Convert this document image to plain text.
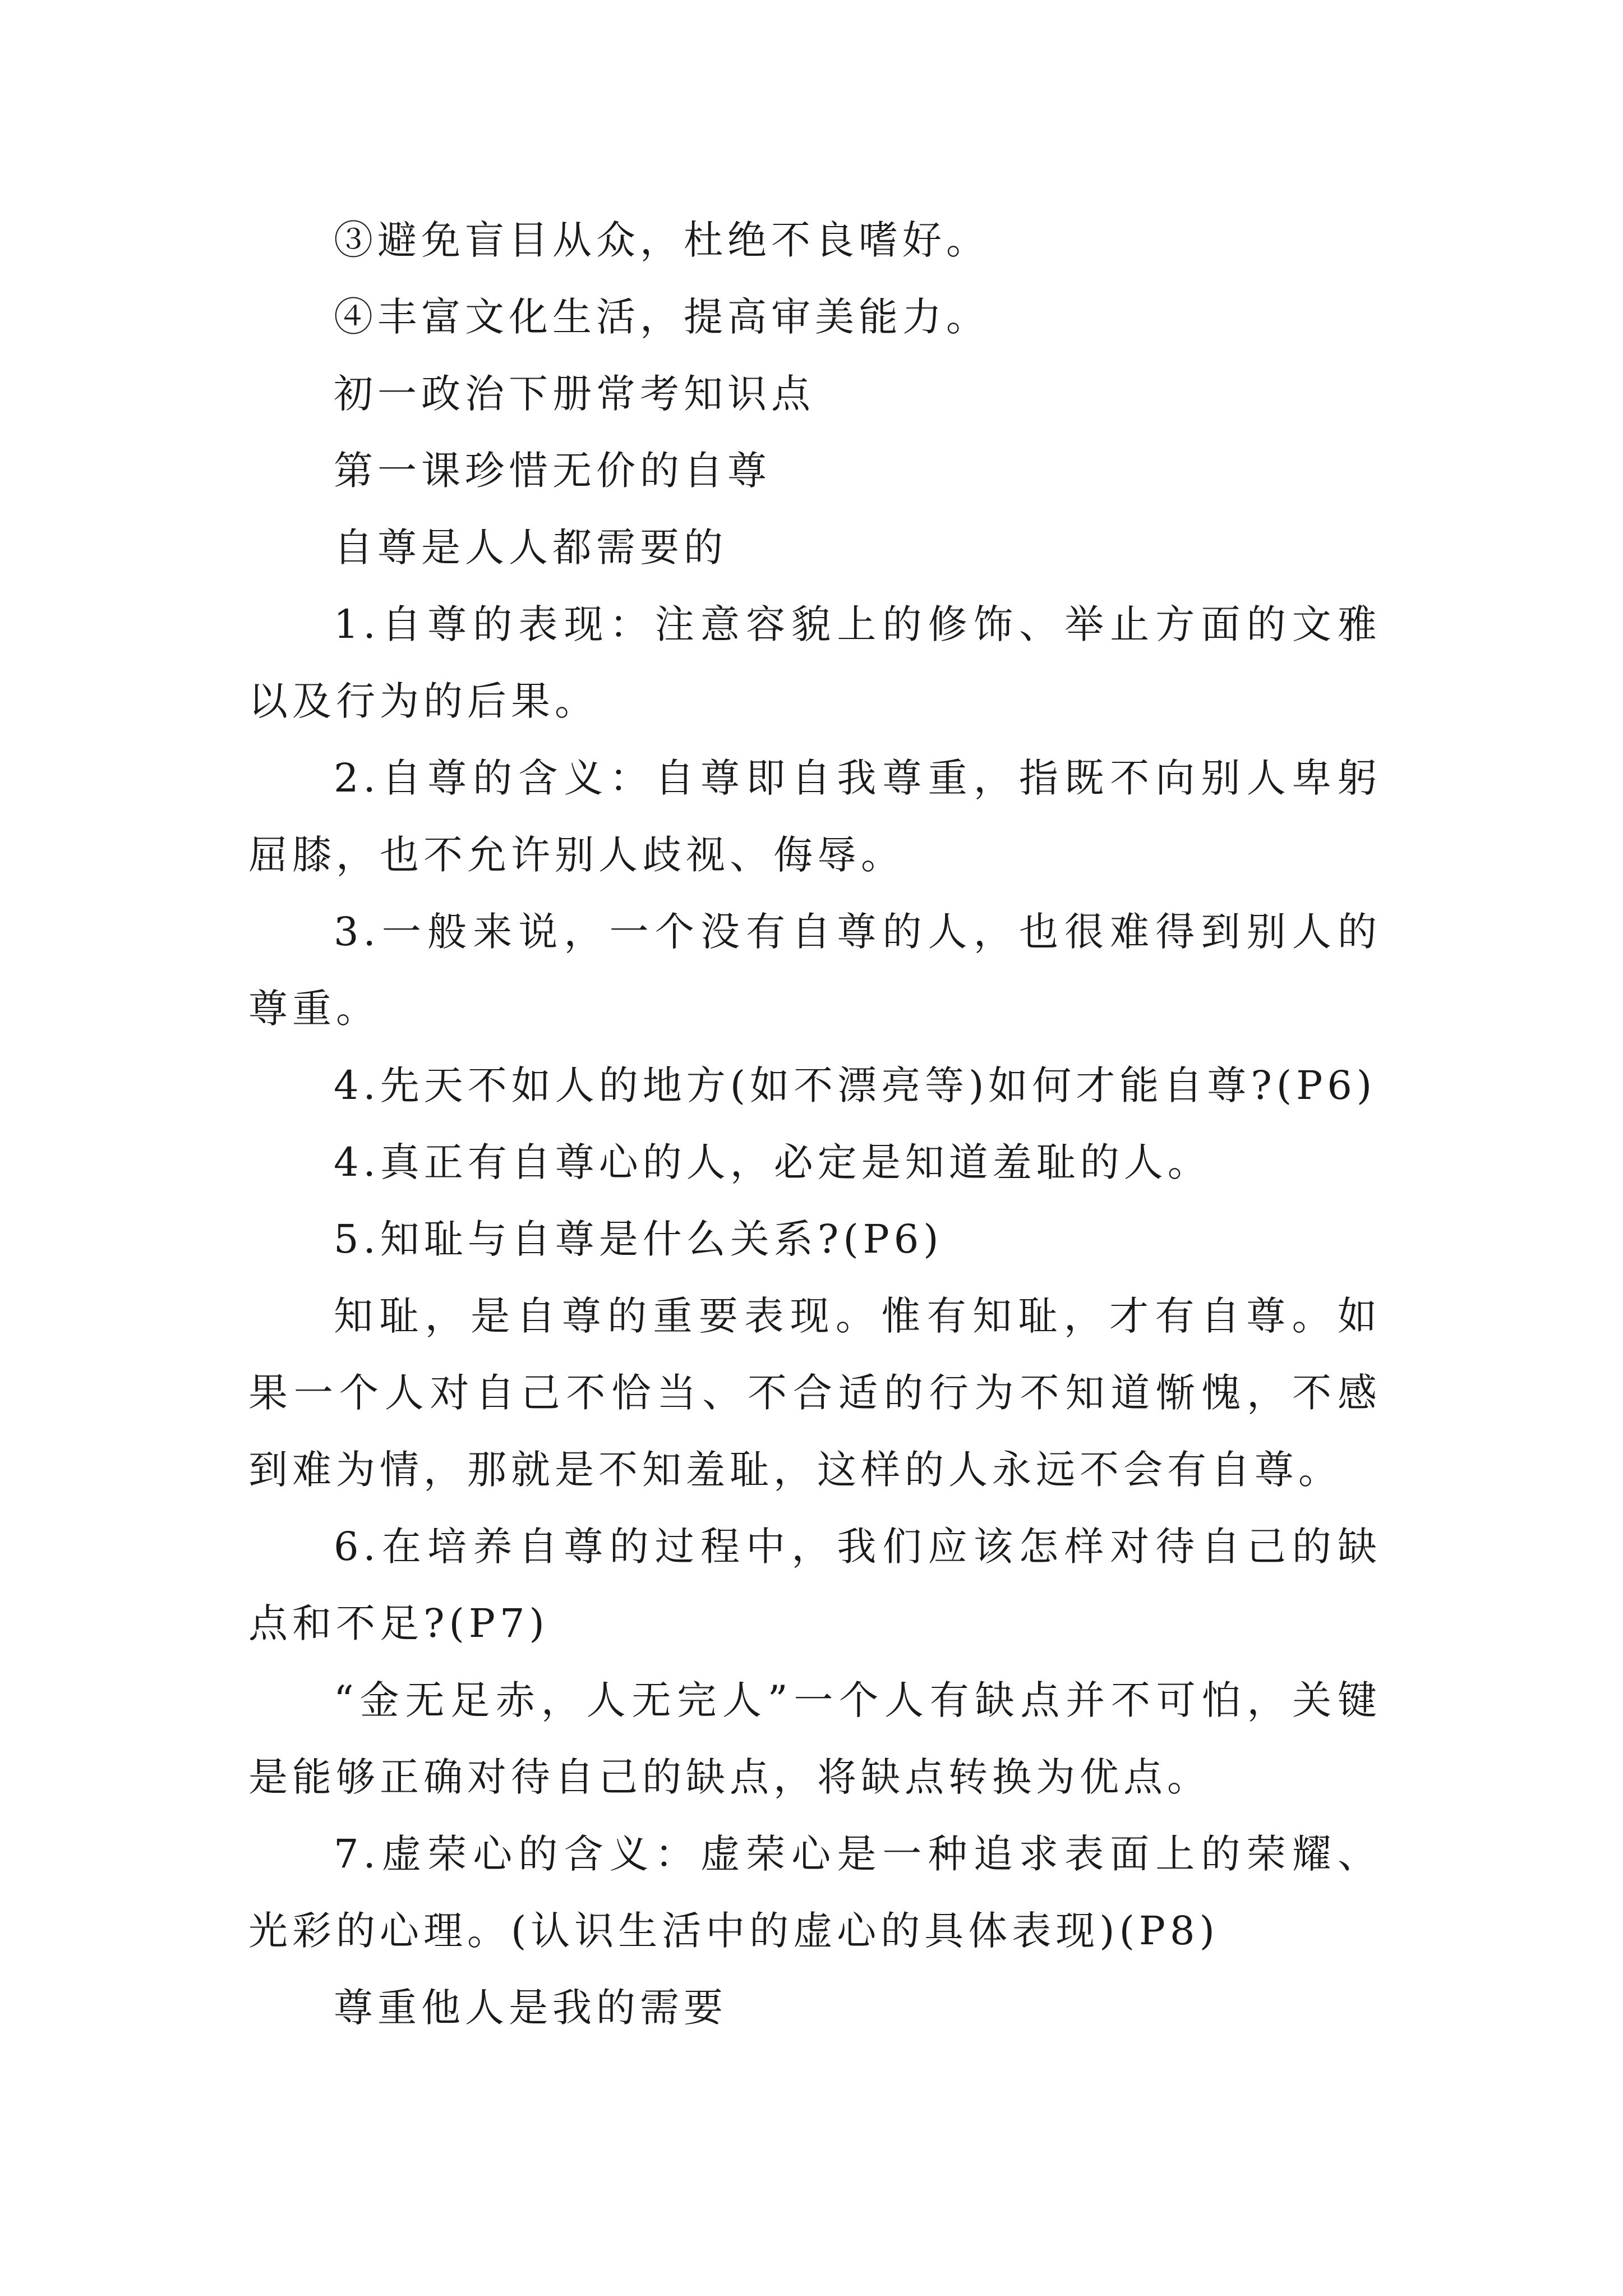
③避免盲目从众，杜绝不良嗜好。

④丰富文化生活，提高审美能力。

初一政治下册常考知识点

第一课珍惜无价的自尊

自尊是人人都需要的

1.自尊的表现：注意容貌上的修饰、举止方面的文雅以及行为的后果。

2.自尊的含义：自尊即自我尊重，指既不向别人卑躬屈膝，也不允许别人歧视、侮辱。

3.一般来说，一个没有自尊的人，也很难得到别人的尊重。

4.先天不如人的地方(如不漂亮等)如何才能自尊?(P6)

4.真正有自尊心的人，必定是知道羞耻的人。

5.知耻与自尊是什么关系?(P6)

知耻，是自尊的重要表现。惟有知耻，才有自尊。如果一个人对自己不恰当、不合适的行为不知道惭愧，不感到难为情，那就是不知羞耻，这样的人永远不会有自尊。

6.在培养自尊的过程中，我们应该怎样对待自己的缺点和不足?(P7)

“金无足赤，人无完人”一个人有缺点并不可怕，关键是能够正确对待自己的缺点，将缺点转换为优点。

7.虚荣心的含义：虚荣心是一种追求表面上的荣耀、光彩的心理。(认识生活中的虚心的具体表现)(P8)

尊重他人是我的需要
